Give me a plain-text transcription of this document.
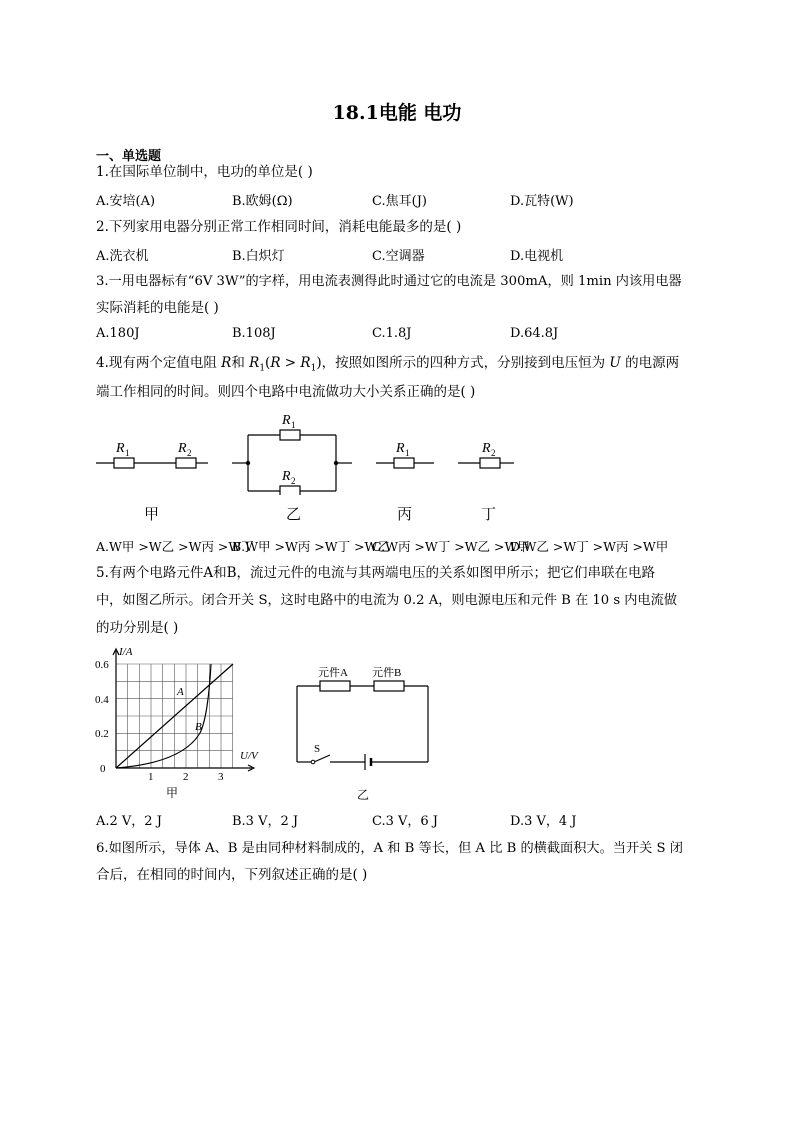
18.1电能 电功
一、单选题
1.在国际单位制中，电功的单位是( )
A.安培(A)	B.欧姆(Ω)	C.焦耳(J)	D.瓦特(W)
2.下列家用电器分别正常工作相同时间，消耗电能最多的是( )
A.洗衣机	B.白炽灯	C.空调器	D.电视机
3.一用电器标有“6V 3W”的字样，用电流表测得此时通过它的电流是 300mA，则 1min 内该用电器
实际消耗的电能是( )
A.180J	B.108J	C.1.8J	D.64.8J
4.现有两个定值电阻 R和 $R_1(R > R_1)$，按照如图所示的四种方式，分别接到电压恒为 U 的电源两
端工作相同的时间。则四个电路中电流做功大小关系正确的是( )
R 1	R 2
R 1
R 2
R 1	R 2
甲	乙	丙	丁
A.W甲 >W乙 >W丙 >W丁
B.W甲 >W丙 >W丁 >W乙
C.W丙 >W丁 >W乙 >W甲
D.W乙 >W丁 >W丙 >W甲
5.有两个电路元件A和B，流过元件的电流与其两端电压的关系如图甲所示；把它们串联在电路
中，如图乙所示。闭合开关 S，这时电路中的电流为 0.2 A，则电源电压和元件 B 在 10 s 内电流做
的功分别是( )
I/A
U/V
0.6
0.4
0.2
0
1	2	3
A
B
甲
元件A 元件B
S
乙
A.2 V，2 J	B.3 V，2 J	C.3 V，6 J	D.3 V，4 J
6.如图所示，导体 A、B 是由同种材料制成的，A 和 B 等长，但 A 比 B 的横截面积大。当开关 S 闭
合后，在相同的时间内，下列叙述正确的是( )
